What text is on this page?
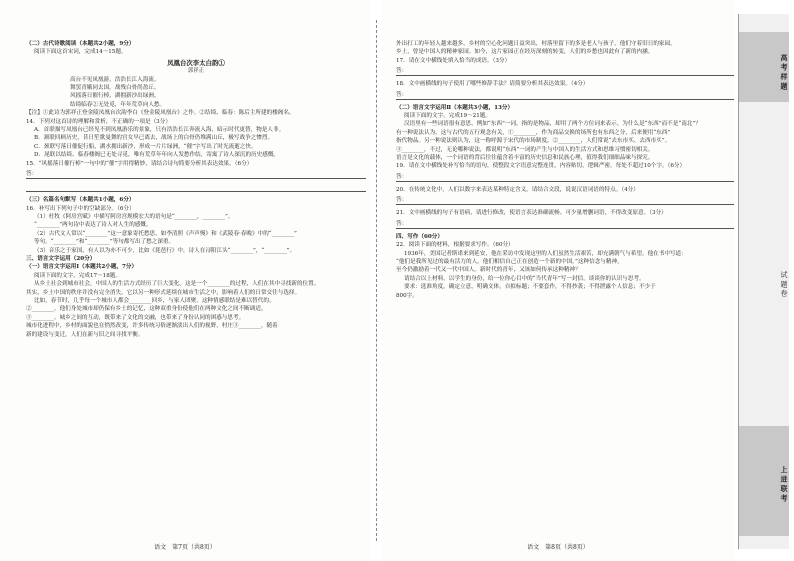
（二）古代诗歌阅读（本题共2小题，9分）
阅读下面这首宋词，完成14～15题。
凤凰台次李太白韵①
郭祥正
高台不见凤凰游，浩浩长江入海流。
舞罢青娥同去国，战残白骨尚盈丘。
风摇落日催行棹，湖拥新沙出绿洲。
结绮临春②无处觅，年年荒草向人愁。
【注】①此诗为郭祥正登金陵凤凰台次韵李白《登金陵凤凰台》之作。②结绮、临春：陈后主所建的楼阁名。
14．下列对这首诗的理解和赏析，不正确的一项是（3分）
A．首联描写凤凰台已经见不到凤凰游乐的景象，只有浩浩长江奔流入海，暗示时代更替，物是人非。
B．颔联回顾历史，昔日笙歌曼舞的宫女早已离去，战场上的白骨仍堆满山丘，极写战争之惨烈。
C．颈联写落日催促行船，湖水拥出新沙，形成一片片绿洲，“催”字写出了时光流逝之快。
D．尾联以结绮、临春楼阁已无处寻觅，唯有荒草年年向人发愁作结，寄寓了诗人深沉的历史感慨。
15．“风摇落日催行棹”一句中的“催”字用得精妙，请结合诗句简要分析其表达效果。（6分）
答：
（三）名篇名句默写（本题共1小题，6分）
16．补写出下列句子中的空缺部分。（6分）
（1）杜牧《阿房宫赋》中描写阿房宫规模宏大的语句是“________，________”。
“________”两句诗中表达了诗人对人生的感慨。
（2）古代文人常以“________”这一意象寄托愁思，如李清照《声声慢》和《武陵春·春晚》中的“________”
等句。“________”和“________”等句都写出了愁之深重。
（3）音乐之于家国，有人以为亦不可少，比如《琵琶行》中，诗人在浔阳江头“________”，“________”。
三、语言文字运用（20分）
（一）语言文字运用Ⅰ（本题共2小题，7分）
阅读下面的文字，完成17～18题。
从乡土社会到城市社会，中国人的生活方式经历了巨大变化。这是一个________的过程，人们在其中寻找新的位置。
其实，乡土中国的秩序并没有完全消失，它以另一种形式延续在城市生活之中，影响着人们的日常交往与选择。
比如，春节时，几乎每一个城市人都会________回乡，与家人团聚，这种情感联结是难以替代的。
②________，他们身处城市却仍保有乡土的记忆，这种双重身份使他们在两种文化之间不断调适，
③________。城乡之间的互动，既带来了文化的交融，也带来了身份认同的困惑与思考。
城市化进程中，乡村的面貌也在悄然改变，许多传统习俗逐渐淡出人们的视野，村庄③________，随着
新的建设与变迁，人们在新与旧之间寻找平衡。
语文　第7页（共8页）
外出打工的年轻人越来越多，乡村的空心化问题日益突出，村落里留下的多是老人与孩子，他们守着旧日的家园。
乡土，曾是中国人的精神家园。如今，这片家园正在经历深刻的转变，人们的乡愁也因此有了新的内涵。
17．请在文中横线处填入恰当的成语。（3分）
答：
18．文中画横线的句子使用了哪些修辞手法？请简要分析其表达效果。（4分）
答：
（二）语言文字运用Ⅱ（本题共3小题，13分）
阅读下面的文字，完成19～21题。
汉语里有一些词语很有意思，例如“东西”一词，指的是物品，却用了两个方位词来表示。为什么是“东西”而不是“南北”？
有一种说法认为，这与古代的五行观念有关，①________，作为商品交换的场所也有东西之分，后来便用“东西”
指代物品。另一种说法则认为，这一称呼源于宋代的市场制度，②________，人们常说“去东市买、去西市买”。
③________，不过，无论哪种说法，都说明“东西”一词的产生与中国人的生活方式和思维习惯密切相关。
语言是文化的载体，一个词语的背后往往蕴含着丰富的历史信息和民族心理，值得我们细细品味与探究。
19．请在文中横线处补写恰当的语句，使整段文字语意完整连贯，内容贴切，逻辑严密，每处不超过10个字。（6分）
答：
20．在传统文化中，人们以数字来表达某种特定含义，请结合文段，说说汉语词语的特点。（4分）
答：
21．文中画横线的句子有语病，请进行修改，使语言表达准确流畅。可少量增删词语，不得改变原意。（3分）
答：
四、写作（60分）
22．阅读下面的材料，根据要求写作。（60分）
1936年，美国记者斯诺来到延安，他在采访中发现这里的人们虽然生活艰苦，却充满朝气与希望。他在书中写道：
“他们是我所见过的最有活力的人，他们相信自己正在创造一个新的中国。”这种信念与精神，
至今仍激励着一代又一代中国人。新时代的青年，又该如何传承这种精神？
请结合以上材料，以学生的身份，给一位你心目中的“当代青年”写一封信，谈谈你的认识与思考。
要求：选准角度，确定立意，明确文体，自拟标题；不要套作，不得抄袭；不得泄露个人信息；不少于
800字。
语文　第8页（共8页）
高 考 样 题
试 题 卷
上 进 联 考
